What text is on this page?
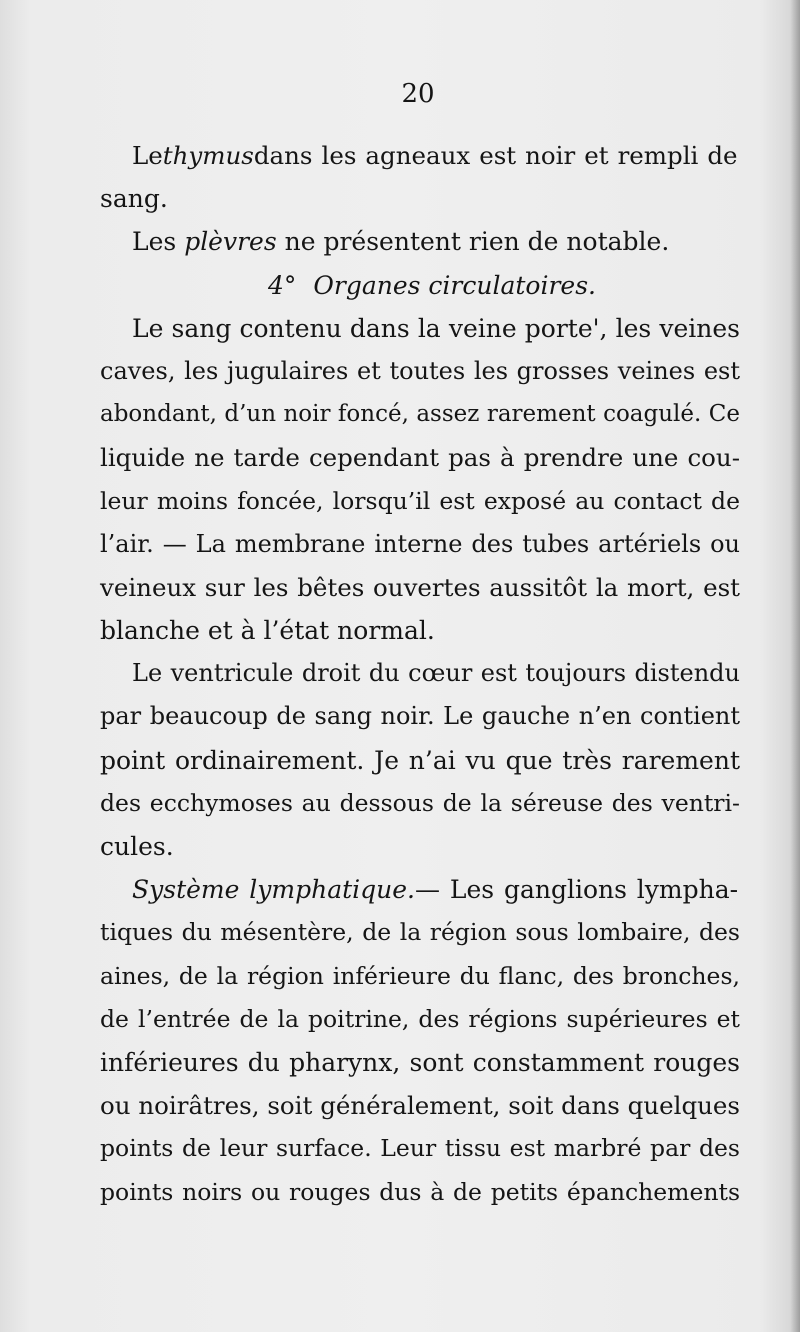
20
Lethymusdans les agneaux est noir et rempli de
sang.
Les plèvres ne présentent rien de notable.
4° Organes circulatoires.
Le sang contenu dans la veine porte', les veines
caves, les jugulaires et toutes les grosses veines est
abondant, d’un noir foncé, assez rarement coagulé. Ce
liquide ne tarde cependant pas à prendre une cou-
leur moins foncée, lorsqu’il est exposé au contact de
l’air. — La membrane interne des tubes artériels ou
veineux sur les bêtes ouvertes aussitôt la mort, est
blanche et à l’état normal.
Le ventricule droit du cœur est toujours distendu
par beaucoup de sang noir. Le gauche n’en contient
point ordinairement. Je n’ai vu que très rarement
des ecchymoses au dessous de la séreuse des ventri-
cules.
Système lymphatique.— Les ganglions lympha-
tiques du mésentère, de la région sous lombaire, des
aines, de la région inférieure du flanc, des bronches,
de l’entrée de la poitrine, des régions supérieures et
inférieures du pharynx, sont constamment rouges
ou noirâtres, soit généralement, soit dans quelques
points de leur surface. Leur tissu est marbré par des
points noirs ou rouges dus à de petits épanchements
